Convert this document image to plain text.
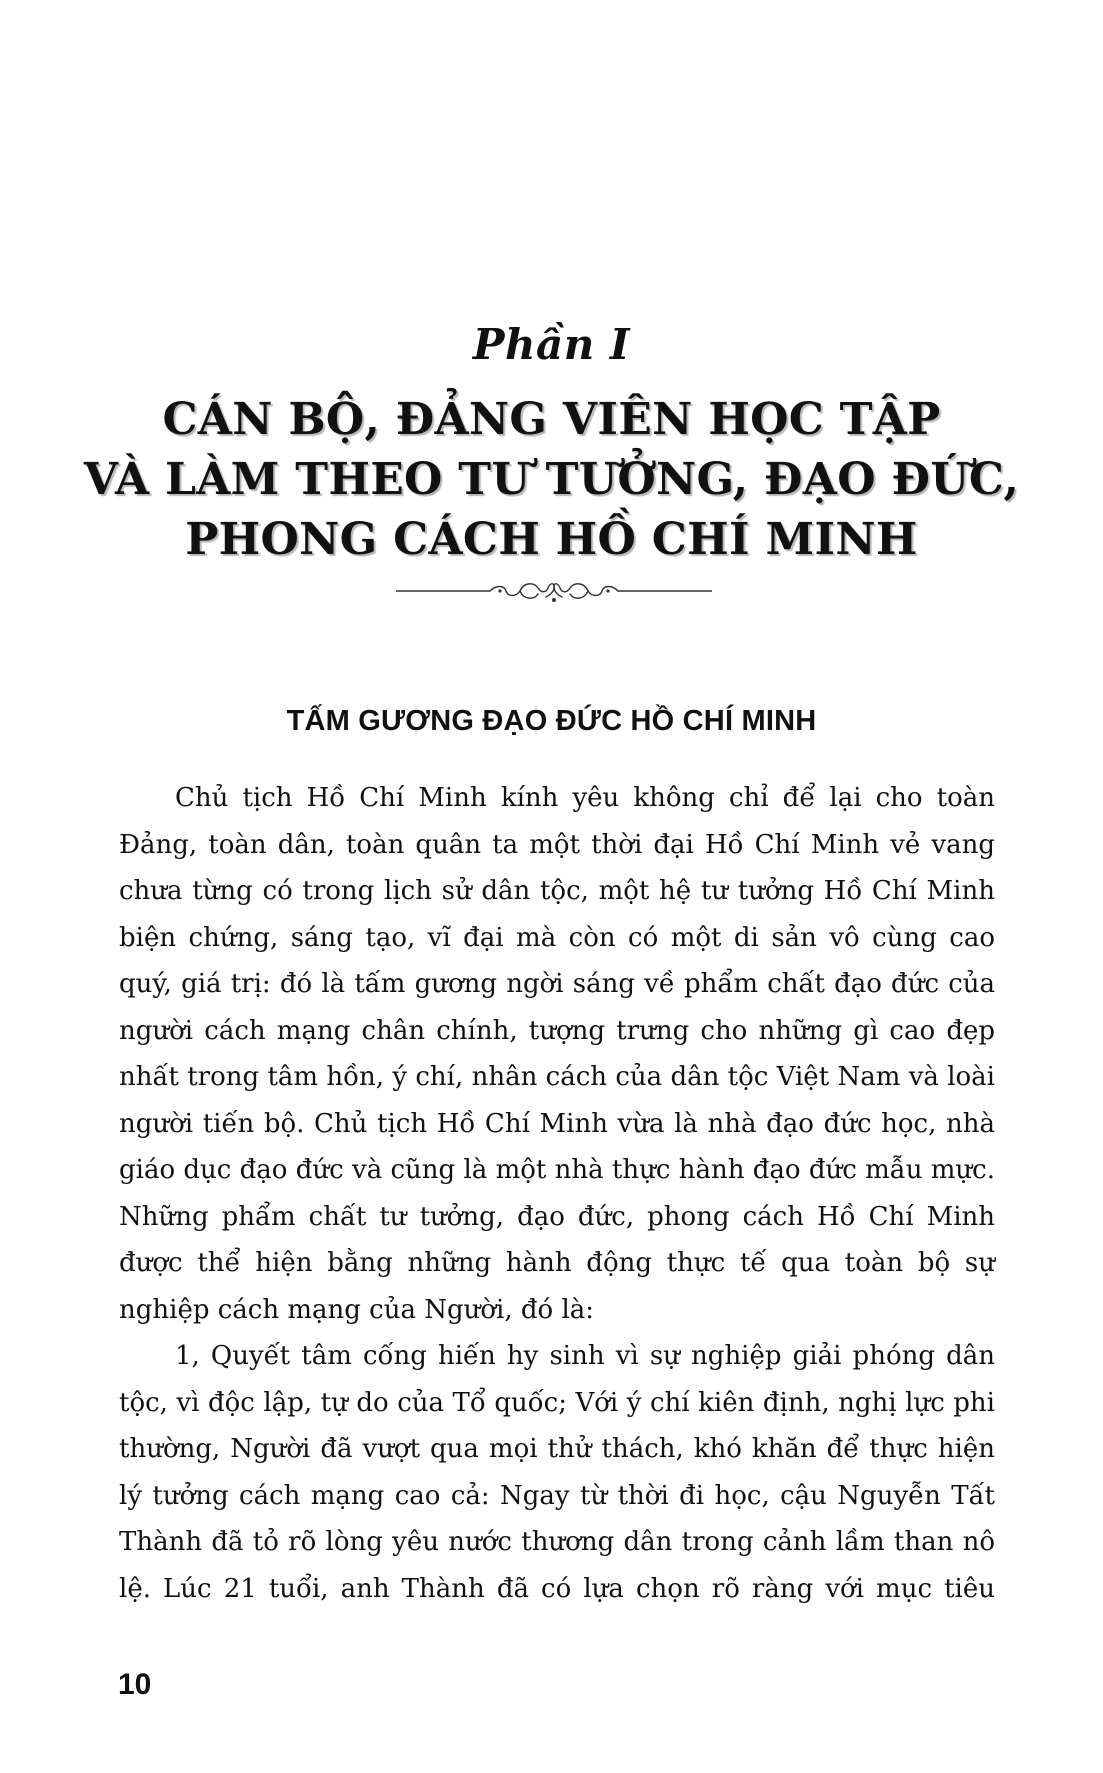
Phần I
CÁN BỘ, ĐẢNG VIÊN HỌC TẬP
VÀ LÀM THEO TƯ TƯỞNG, ĐẠO ĐỨC,
PHONG CÁCH HỒ CHÍ MINH
TẤM GƯƠNG ĐẠO ĐỨC HỒ CHÍ MINH

Chủ tịch Hồ Chí Minh kính yêu không chỉ để lại cho toàn Đảng, toàn dân, toàn quân ta một thời đại Hồ Chí Minh vẻ vang chưa từng có trong lịch sử dân tộc, một hệ tư tưởng Hồ Chí Minh biện chứng, sáng tạo, vĩ đại mà còn có một di sản vô cùng cao quý, giá trị: đó là tấm gương ngời sáng về phẩm chất đạo đức của người cách mạng chân chính, tượng trưng cho những gì cao đẹp nhất trong tâm hồn, ý chí, nhân cách của dân tộc Việt Nam và loài người tiến bộ. Chủ tịch Hồ Chí Minh vừa là nhà đạo đức học, nhà giáo dục đạo đức và cũng là một nhà thực hành đạo đức mẫu mực. Những phẩm chất tư tưởng, đạo đức, phong cách Hồ Chí Minh được thể hiện bằng những hành động thực tế qua toàn bộ sự nghiệp cách mạng của Người, đó là:

1, Quyết tâm cống hiến hy sinh vì sự nghiệp giải phóng dân tộc, vì độc lập, tự do của Tổ quốc; Với ý chí kiên định, nghị lực phi thường, Người đã vượt qua mọi thử thách, khó khăn để thực hiện lý tưởng cách mạng cao cả: Ngay từ thời đi học, cậu Nguyễn Tất Thành đã tỏ rõ lòng yêu nước thương dân trong cảnh lầm than nô lệ. Lúc 21 tuổi, anh Thành đã có lựa chọn rõ ràng với mục tiêu

10
